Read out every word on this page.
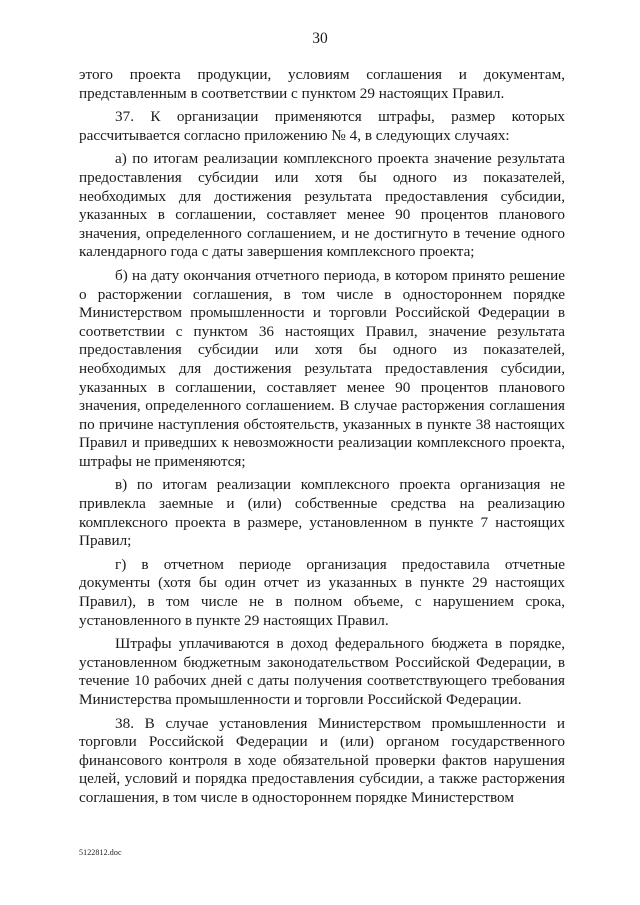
30

этого проекта продукции, условиям соглашения и документам, представленным в соответствии с пунктом 29 настоящих Правил.

37. К организации применяются штрафы, размер которых рассчитывается согласно приложению № 4, в следующих случаях:

а) по итогам реализации комплексного проекта значение результата предоставления субсидии или хотя бы одного из показателей, необходимых для достижения результата предоставления субсидии, указанных в соглашении, составляет менее 90 процентов планового значения, определенного соглашением, и не достигнуто в течение одного календарного года с даты завершения комплексного проекта;

б) на дату окончания отчетного периода, в котором принято решение о расторжении соглашения, в том числе в одностороннем порядке Министерством промышленности и торговли Российской Федерации в соответствии с пунктом 36 настоящих Правил, значение результата предоставления субсидии или хотя бы одного из показателей, необходимых для достижения результата предоставления субсидии, указанных в соглашении, составляет менее 90 процентов планового значения, определенного соглашением. В случае расторжения соглашения по причине наступления обстоятельств, указанных в пункте 38 настоящих Правил и приведших к невозможности реализации комплексного проекта, штрафы не применяются;

в) по итогам реализации комплексного проекта организация не привлекла заемные и (или) собственные средства на реализацию комплексного проекта в размере, установленном в пункте 7 настоящих Правил;

г) в отчетном периоде организация предоставила отчетные документы (хотя бы один отчет из указанных в пункте 29 настоящих Правил), в том числе не в полном объеме, с нарушением срока, установленного в пункте 29 настоящих Правил.

Штрафы уплачиваются в доход федерального бюджета в порядке, установленном бюджетным законодательством Российской Федерации, в течение 10 рабочих дней с даты получения соответствующего требования Министерства промышленности и торговли Российской Федерации.

38. В случае установления Министерством промышленности и торговли Российской Федерации и (или) органом государственного финансового контроля в ходе обязательной проверки фактов нарушения целей, условий и порядка предоставления субсидии, а также расторжения соглашения, в том числе в одностороннем порядке Министерством

5122812.doc
